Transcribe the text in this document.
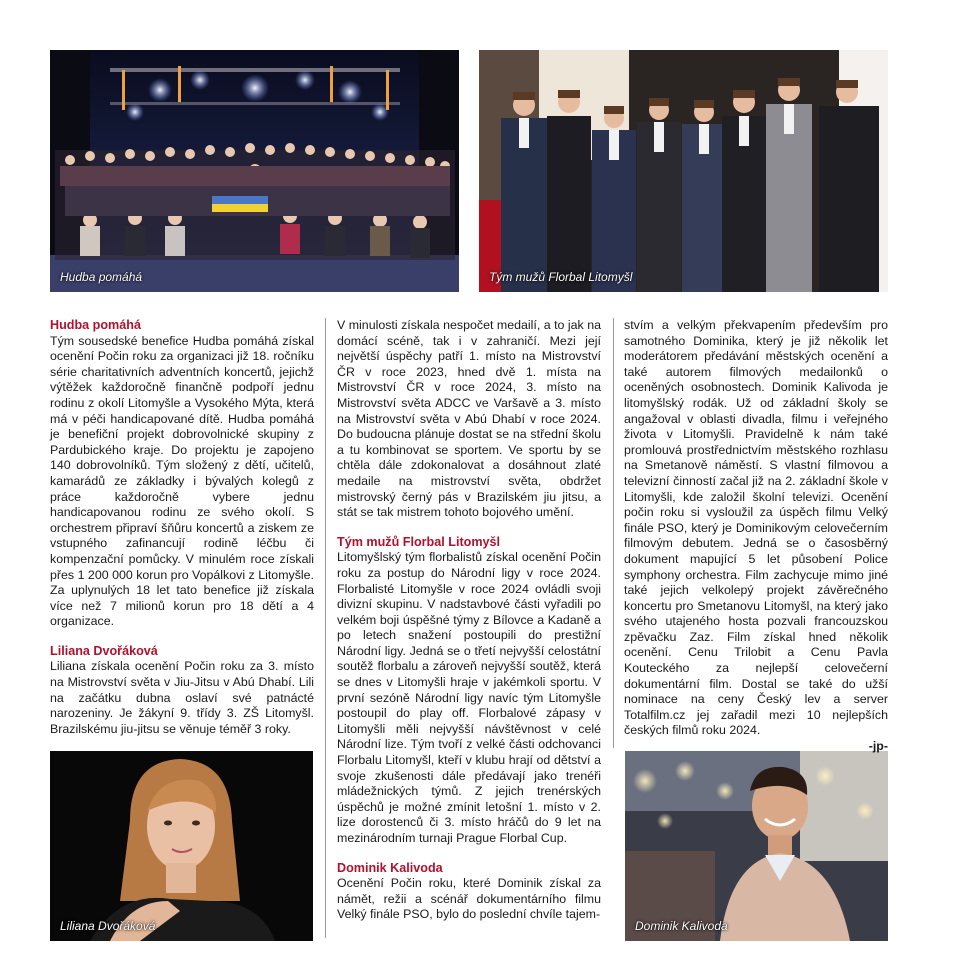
Hudba pomáhá	Tým mužů Florbal Litomyšl
Liliana Dvořáková	Dominik Kalivoda
Hudba pomáhá

Tým sousedské benefice Hudba pomáhá získal ocenění Počin roku za organizaci již 18. ročníku série charitativních adventních koncertů, jejichž výtěžek každoročně finančně podpoří jednu rodinu z okolí Litomyšle a Vysokého Mýta, která má v péči handicapované dítě. Hudba pomáhá je benefiční projekt dobrovolnické skupiny z Pardubického kraje. Do projektu je zapojeno 140 dobrovolníků. Tým složený z dětí, učitelů, kamarádů ze základky i bývalých kolegů z práce každoročně vybere jednu handicapovanou rodinu ze svého okolí. S orchestrem připraví šňůru koncertů a ziskem ze vstupného zafinancují rodině léčbu či kompenzační pomůcky. V minulém roce získali přes 1 200 000 korun pro Vopálkovi z Litomyšle. Za uplynulých 18 let tato benefice již získala více než 7 milionů korun pro 18 dětí a 4 organizace.

Liliana Dvořáková

Liliana získala ocenění Počin roku za 3. místo na Mistrovství světa v Jiu-Jitsu v Abú Dhabí. Lili na začátku dubna oslaví své patnácté narozeniny. Je žákyní 9. třídy 3. ZŠ Litomyšl. Brazilskému jiu-jitsu se věnuje téměř 3 roky.

V minulosti získala nespočet medailí, a to jak na domácí scéně, tak i v zahraničí. Mezi její největší úspěchy patří 1. místo na Mistrovství ČR v roce 2023, hned dvě 1. místa na Mistrovství ČR v roce 2024, 3. místo na Mistrovství světa ADCC ve Varšavě a 3. místo na Mistrovství světa v Abú Dhabí v roce 2024. Do budoucna plánuje dostat se na střední školu a tu kombinovat se sportem. Ve sportu by se chtěla dále zdokonalovat a dosáhnout zlaté medaile na mistrovství světa, obdržet mistrovský černý pás v Brazilském jiu jitsu, a stát se tak mistrem tohoto bojového umění.

Tým mužů Florbal Litomyšl

Litomyšlský tým florbalistů získal ocenění Počin roku za postup do Národní ligy v roce 2024. Florbalisté Litomyšle v roce 2024 ovládli svoji divizní skupinu. V nadstavbové části vyřadili po velkém boji úspěšné týmy z Bílovce a Kadaně a po letech snažení postoupili do prestižní Národní ligy. Jedná se o třetí nejvyšší celostátní soutěž florbalu a zároveň nejvyšší soutěž, která se dnes v Litomyšli hraje v jakémkoli sportu. V první sezóně Národní ligy navíc tým Litomyšle postoupil do play off. Florbalové zápasy v Litomyšli měli nejvyšší návštěvnost v celé Národní lize. Tým tvoří z velké části odchovanci Florbalu Litomyšl, kteří v klubu hrají od dětství a svoje zkušenosti dále předávají jako trenéři mládežnických týmů. Z jejich trenérských úspěchů je možné zmínit letošní 1. místo v 2. lize dorostenců či 3. místo hráčů do 9 let na mezinárodním turnaji Prague Florbal Cup.

Dominik Kalivoda

Ocenění Počin roku, které Dominik získal za námět, režii a scénář dokumentárního filmu Velký finále PSO, bylo do poslední chvíle tajem-

stvím a velkým překvapením především pro samotného Dominika, který je již několik let moderátorem předávání městských ocenění a také autorem filmových medailonků o oceněných osobnostech. Dominik Kalivoda je litomyšlský rodák. Už od základní školy se angažoval v oblasti divadla, filmu i veřejného života v Litomyšli. Pravidelně k nám také promlouvá prostřednictvím městského rozhlasu na Smetanově náměstí. S vlastní filmovou a televizní činností začal již na 2. základní škole v Litomyšli, kde založil školní televizi. Ocenění počin roku si vysloužil za úspěch filmu Velký finále PSO, který je Dominikovým celovečerním filmovým debutem. Jedná se o časosběrný dokument mapující 5 let působení Police symphony orchestra. Film zachycuje mimo jiné také jejich velkolepý projekt závěrečného koncertu pro Smetanovu Litomyšl, na který jako svého utajeného hosta pozvali francouzskou zpěvačku Zaz. Film získal hned několik ocenění. Cenu Trilobit a Cenu Pavla Kouteckého za nejlepší celovečerní dokumentární film. Dostal se také do užší nominace na ceny Český lev a server Totalfilm.cz jej zařadil mezi 10 nejlepších českých filmů roku 2024.

-jp-
